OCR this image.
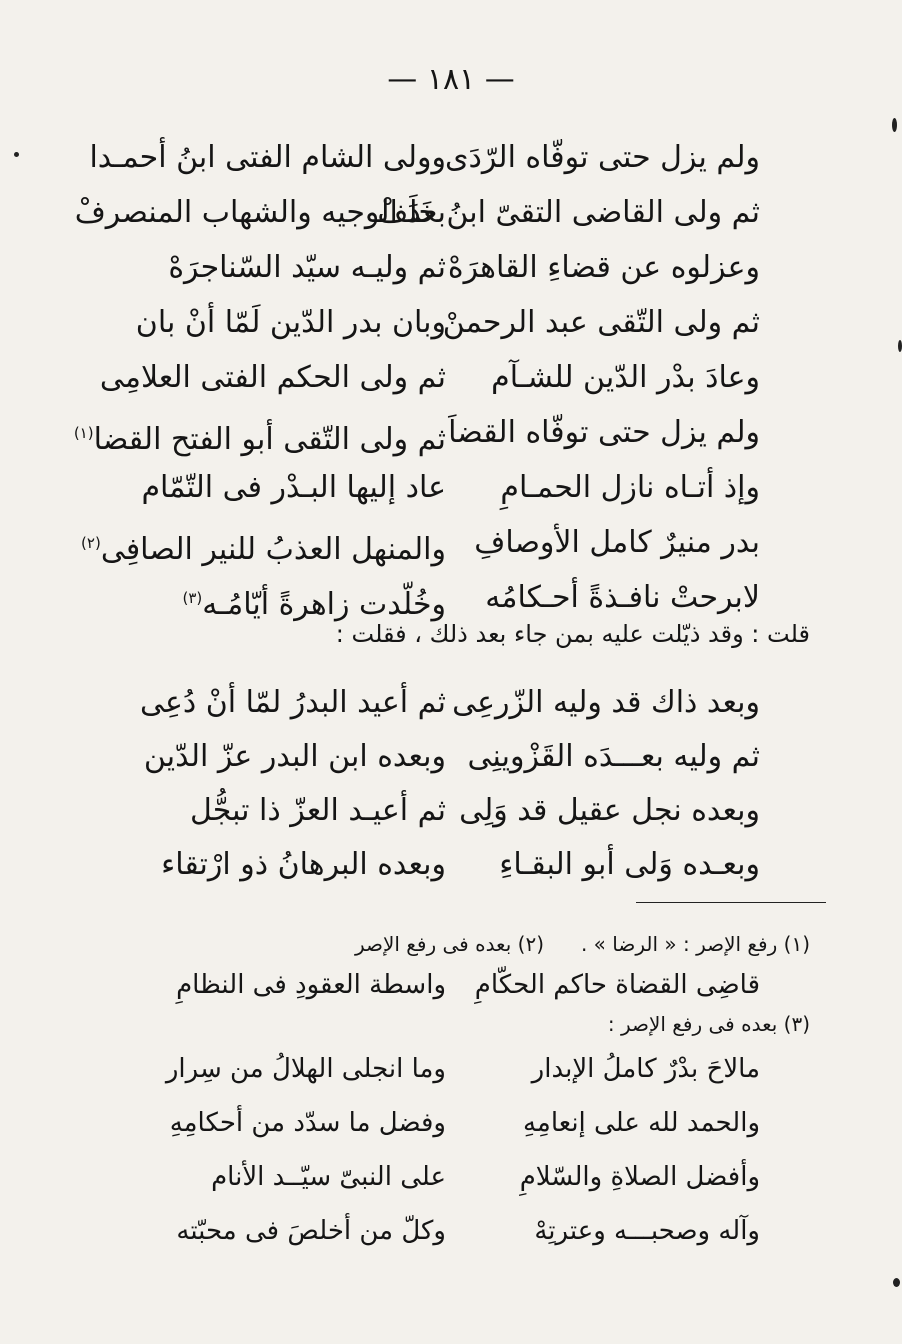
— ١٨١ —
ولم يزل حتى توفّاه الرّدَى
وولى الشام الفتى ابنُ أحمـدا
ثم ولى القاضى التقىّ ابنُ خَلَفْ
بعدَ الوجيه والشهاب المنصرفْ
وعزلوه عن قضاءِ القاهرَهْ
ثم وليـه سيّد السّناجرَهْ
ثم ولى التّقى عبد الرحمنْ
وبان بدر الدّين لَمّا أنْ بان
وعادَ بدْر الدّين للشـآم
ثم ولى الحكم الفتى العلامِى
ولم يزل حتى توفّاه القضاَ
ثم ولى التّقى أبو الفتح القضا$^{(١)}$
وإذ أتـاه نازل الحمـامِ
عاد إليها البـدْر فى التّمّام
بدر منيرٌ كامل الأوصافِ
والمنهل العذبُ للنير الصافِى$^{(٢)}$
لابرحتْ نافـذةً أحـكامُه
وخُلّدت زاهرةً أيّامُـه$^{(٣)}$
قلت : وقد ذيّلت عليه بمن جاء بعد ذلك ، فقلت :
وبعد ذاك قد وليه الزّرعِى
ثم أعيد البدرُ لمّا أنْ دُعِى
ثم وليه بعـــدَه القَزْوينِى
وبعده ابن البدر عزّ الدّين
وبعده نجل عقيل قد وَلِى
ثم أعيـد العزّ ذا تبجُّل
وبعـده وَلى أبو البقـاءِ
وبعده البرهانُ ذو ارْتقاء
(١) رفع الإصر : « الرضا » .
(٢) بعده فى رفع الإصر
قاضِى القضاة حاكم الحكّامِ
واسطة العقودِ فى النظامِ
(٣) بعده فى رفع الإصر :
مالاحَ بدْرٌ كاملُ الإبدار
وما انجلى الهلالُ من سِرار
والحمد لله على إنعامِهِ
وفضل ما سدّد من أحكامِهِ
وأفضل الصلاةِ والسّلامِ
على النبىّ سيّــد الأنام
وآله وصحبـــه وعترتِهْ
وكلّ من أخلصَ فى محبّته
